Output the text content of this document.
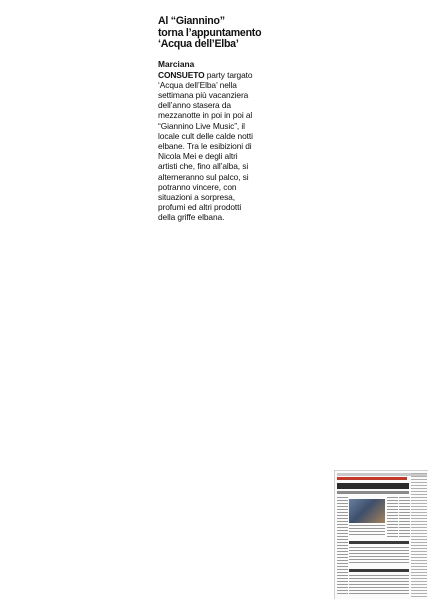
Al “Giannino”
torna l’appuntamento
‘Acqua dell’Elba’
Marciana
CONSUETO party targato
‘Acqua dell’Elba’ nella
settimana più vacanziera
dell’anno stasera da
mezzanotte in poi in poi al
“Giannino Live Music”, il
locale cult delle calde notti
elbane. Tra le esibizioni di
Nicola Mei e degli altri
artisti che, fino all’alba, si
alterneranno sul palco, si
potranno vincere, con
situazioni a sorpresa,
profumi ed altri prodotti
della griffe elbana.
